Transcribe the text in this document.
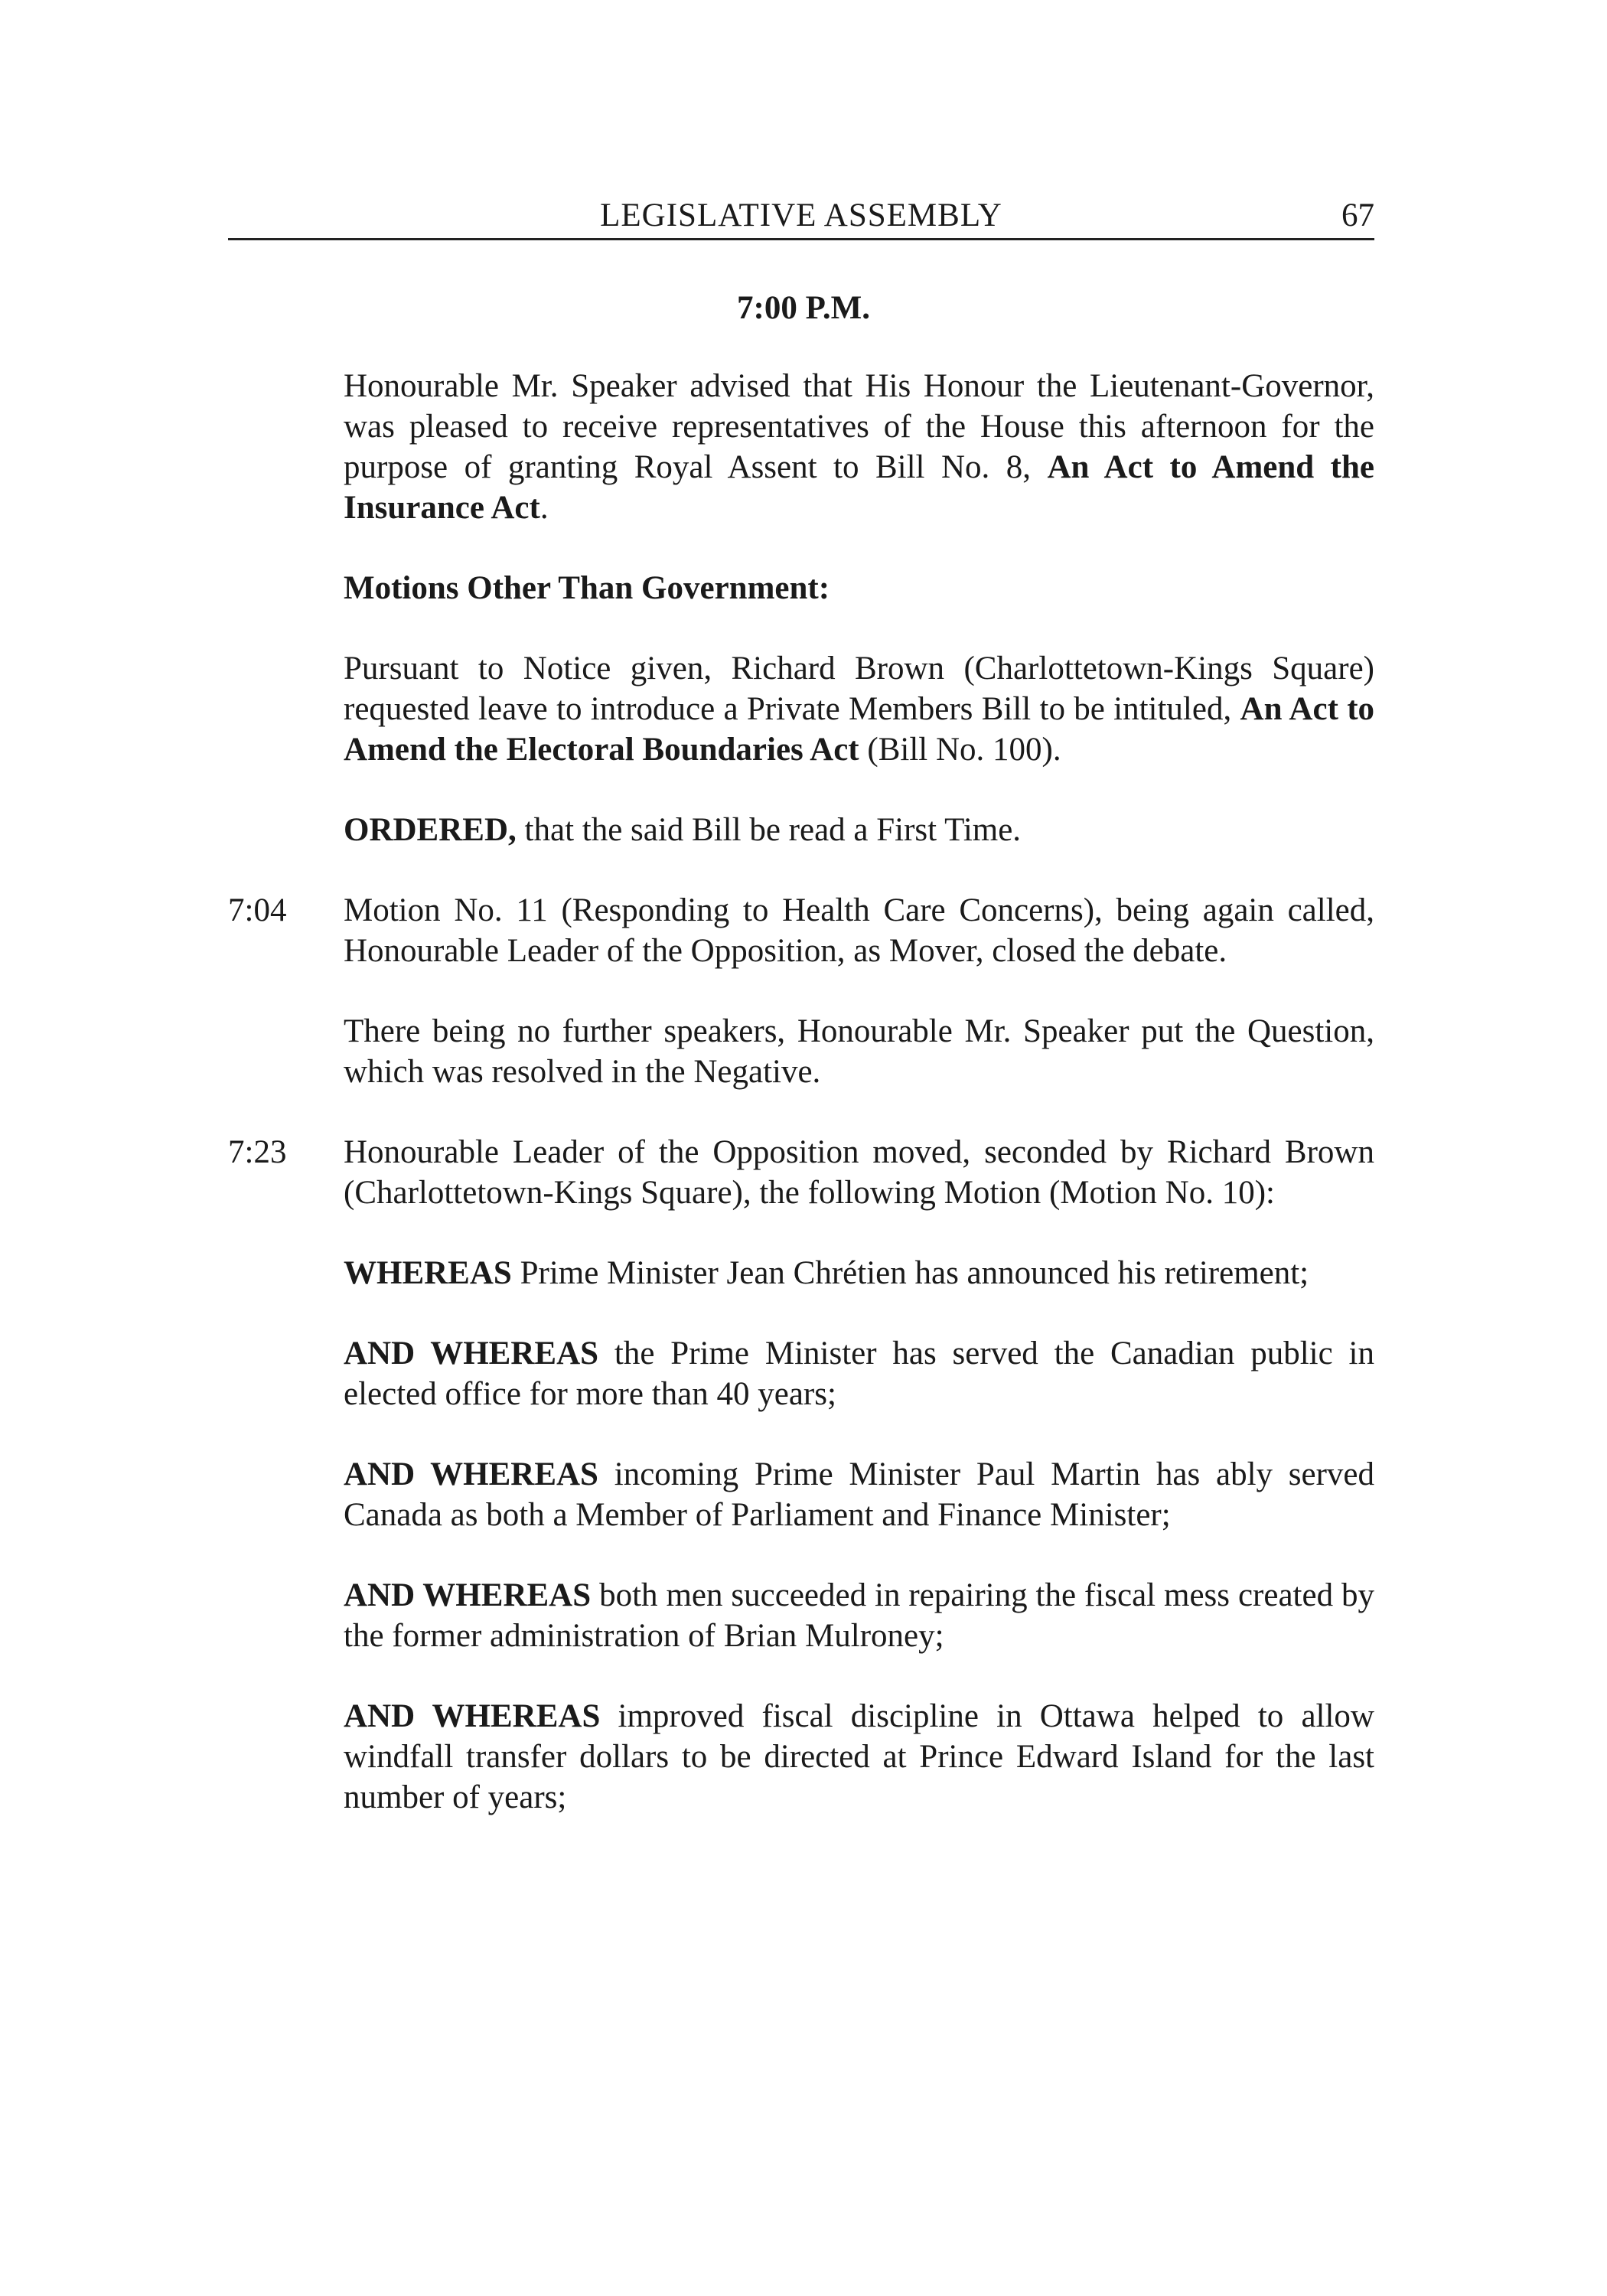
LEGISLATIVE ASSEMBLY	67
7:00 P.M.

Honourable Mr. Speaker advised that His Honour the Lieutenant-Governor, was pleased to receive representatives of the House this afternoon for the purpose of granting Royal Assent to Bill No. 8, An Act to Amend the Insurance Act.

Motions Other Than Government:

Pursuant to Notice given, Richard Brown (Charlottetown-Kings Square) requested leave to introduce a Private Members Bill to be intituled, An Act to Amend the Electoral Boundaries Act (Bill No. 100).

ORDERED, that the said Bill be read a First Time.

7:04 Motion No. 11 (Responding to Health Care Concerns), being again called, Honourable Leader of the Opposition, as Mover, closed the debate.

There being no further speakers, Honourable Mr. Speaker put the Question, which was resolved in the Negative.

7:23 Honourable Leader of the Opposition moved, seconded by Richard Brown (Charlottetown-Kings Square), the following Motion (Motion No. 10):

WHEREAS Prime Minister Jean Chrétien has announced his retirement;

AND WHEREAS the Prime Minister has served the Canadian public in elected office for more than 40 years;

AND WHEREAS incoming Prime Minister Paul Martin has ably served Canada as both a Member of Parliament and Finance Minister;

AND WHEREAS both men succeeded in repairing the fiscal mess created by the former administration of Brian Mulroney;

AND WHEREAS improved fiscal discipline in Ottawa helped to allow windfall transfer dollars to be directed at Prince Edward Island for the last number of years;
